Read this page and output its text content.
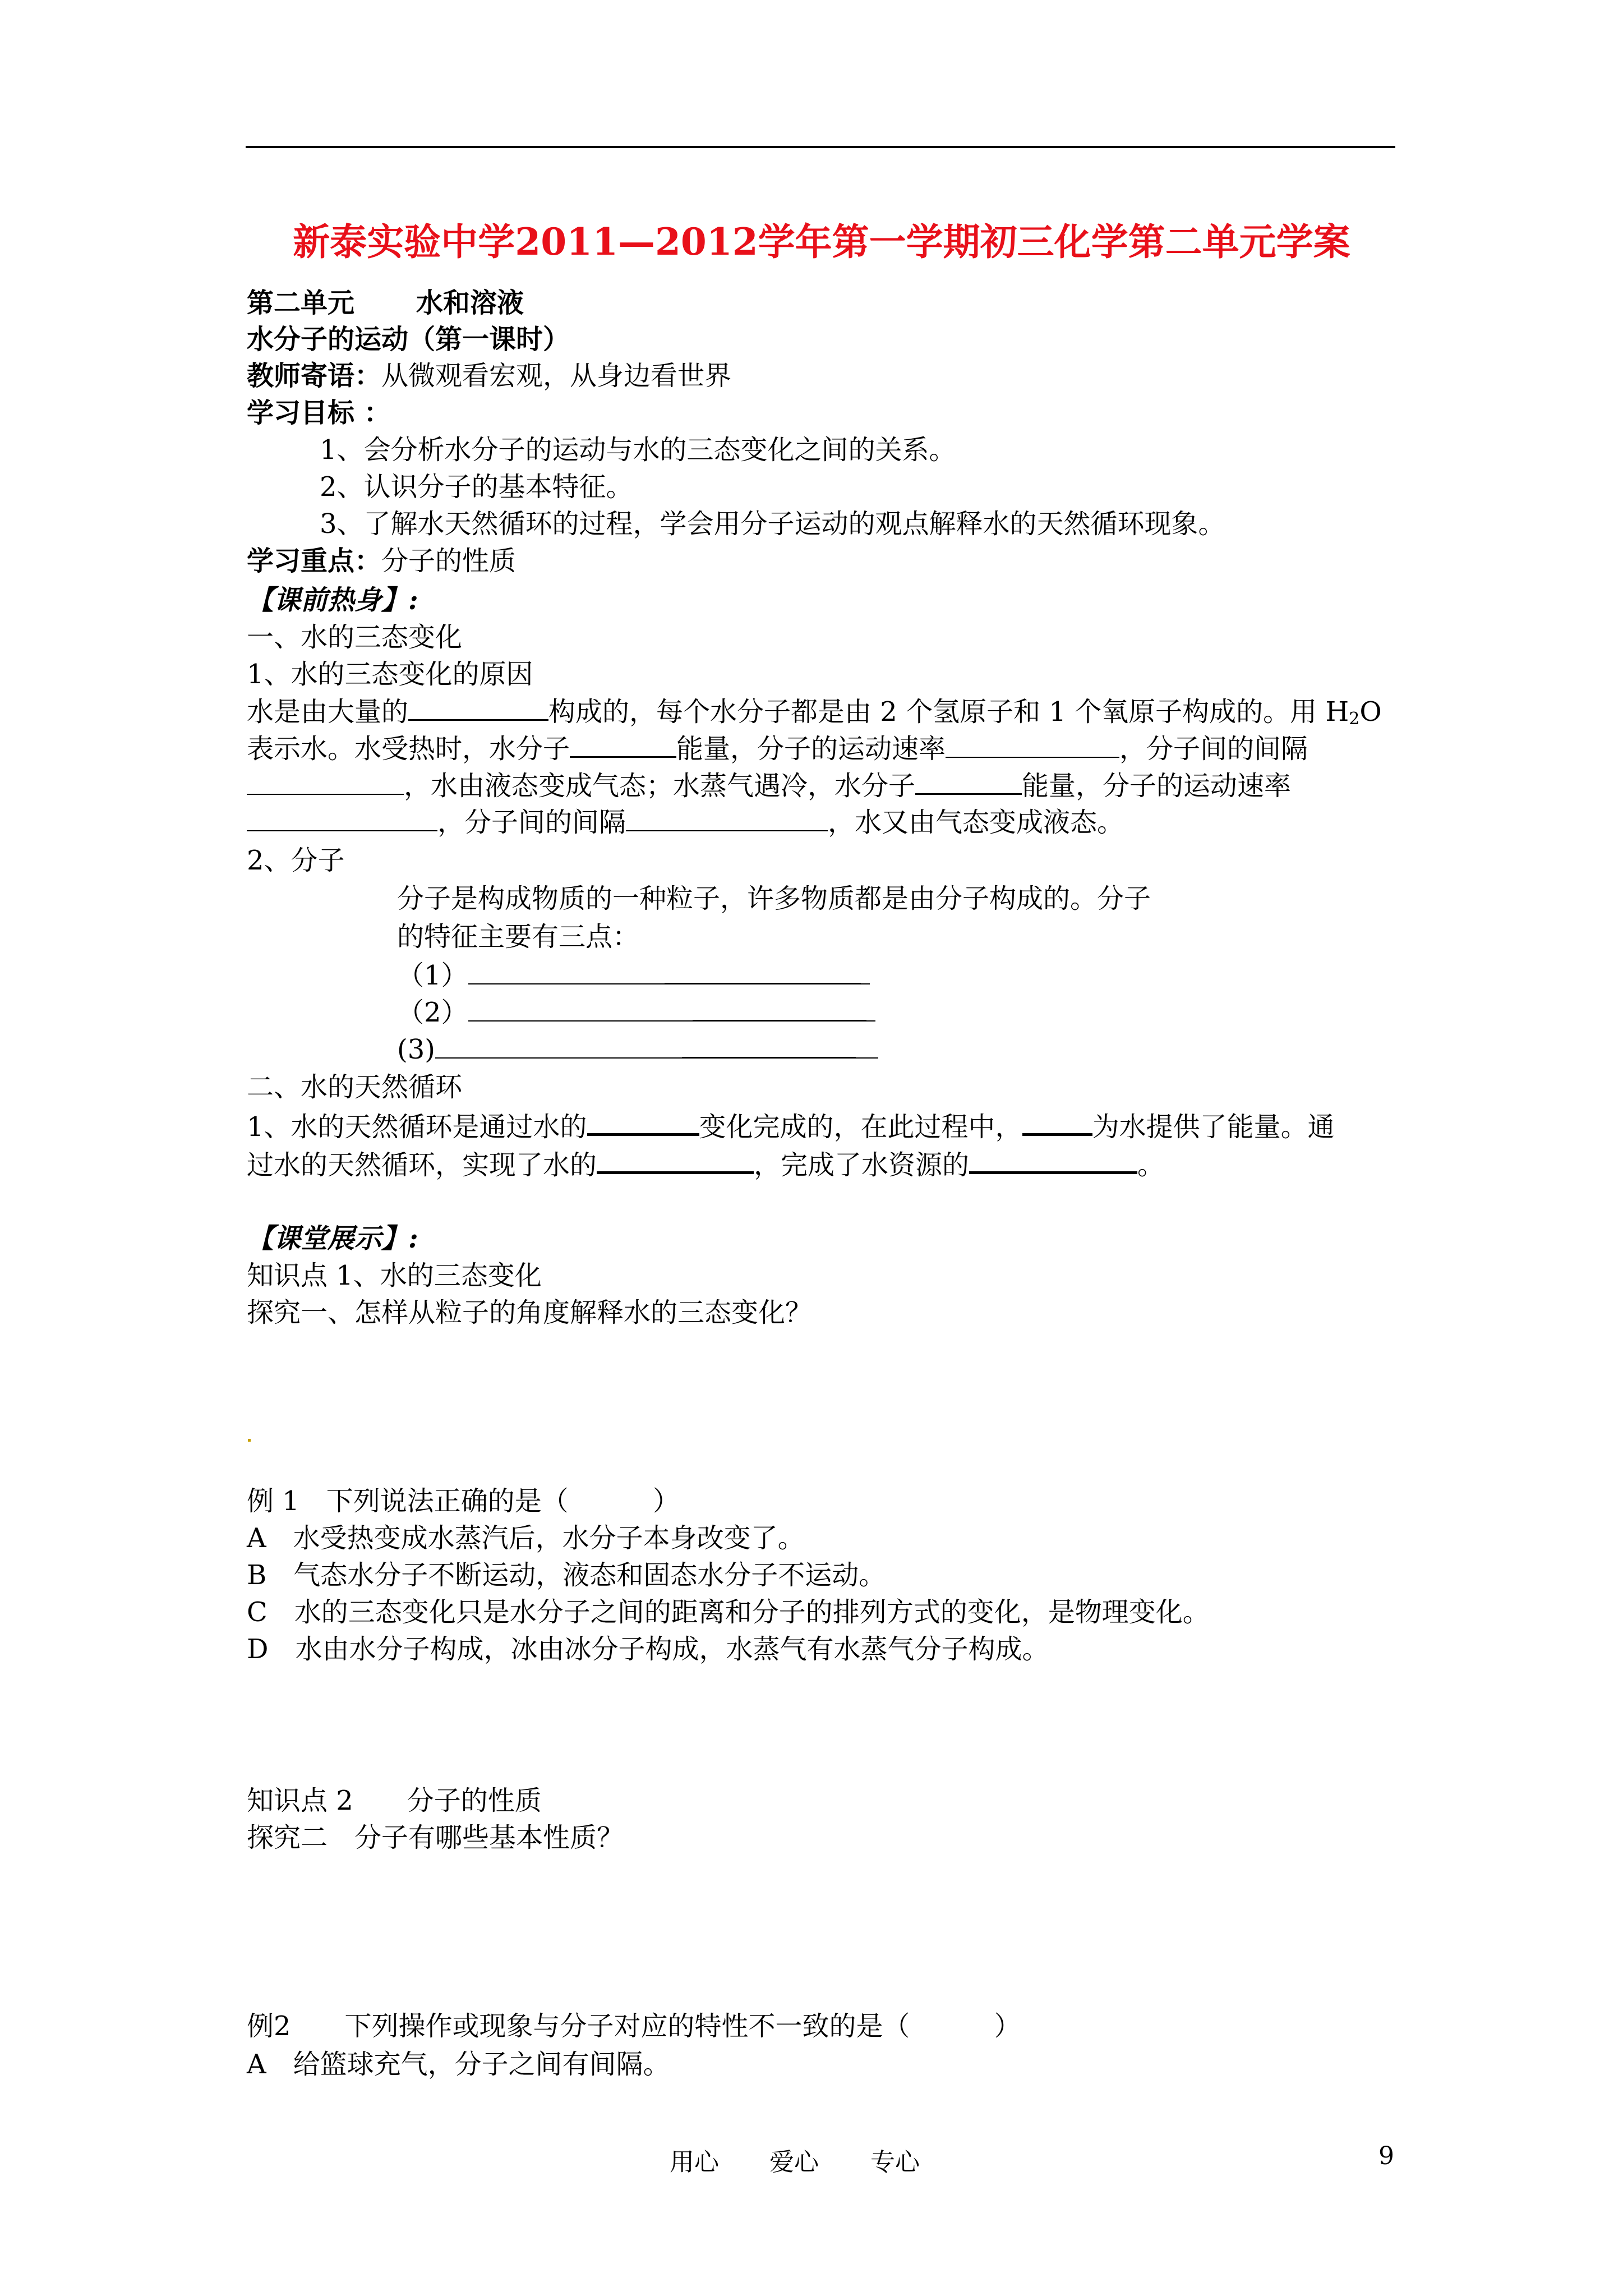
新泰实验中学2011—2012学年第一学期初三化学第二单元学案
第二单元 水和溶液
水分子的运动（第一课时）
教师寄语：从微观看宏观，从身边看世界
学习目标 ：
1、会分析水分子的运动与水的三态变化之间的关系。
2、认识分子的基本特征。
3、了解水天然循环的过程，学会用分子运动的观点解释水的天然循环现象。
学习重点：分子的性质
【课前热身】:
一、水的三态变化
1、水的三态变化的原因
水是由大量的	构成的，每个水分子都是由 2 个氢原子和 1 个氧原子构成的。用 $H_2O$
表示水。水受热时，水分子	能量，分子的运动速率	，分子间的间隔
，水由液态变成气态；水蒸气遇冷，水分子	能量，分子的运动速率
，分子间的间隔	，水又由气态变成液态。
2、分子
分子是构成物质的一种粒子，许多物质都是由分子构成的。分子
的特征主要有三点：
（1）
（2）
(3)
二、水的天然循环
1、水的天然循环是通过水的	变化完成的，在此过程中，	为水提供了能量。通
过水的天然循环，实现了水的	，完成了水资源的	。
【课堂展示】:
知识点 1、水的三态变化
探究一、怎样从粒子的角度解释水的三态变化？
例 1　下列说法正确的是（	）
A　水受热变成水蒸汽后，水分子本身改变了。
B　气态水分子不断运动，液态和固态水分子不运动。
C　水的三态变化只是水分子之间的距离和分子的排列方式的变化，是物理变化。
D　水由水分子构成，冰由冰分子构成，水蒸气有水蒸气分子构成。
知识点 2　　分子的性质
探究二　分子有哪些基本性质？
例2　　下列操作或现象与分子对应的特性不一致的是（	）
A　给篮球充气，分子之间有间隔。
用心 爱心 专心	9
